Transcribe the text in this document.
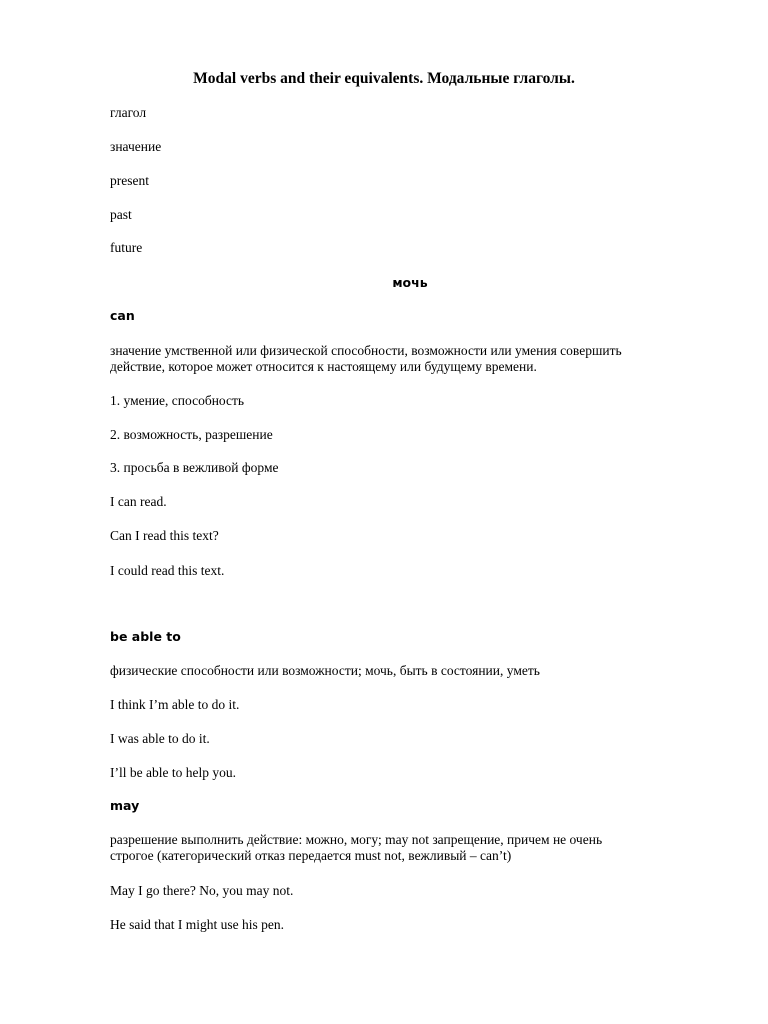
Modal verbs and their equivalents. Модальные глаголы.
глагол
значение
present
past
future
мочь
can
значение умственной или физической способности, возможности или умения совершить
действие, которое может относится к настоящему или будущему времени.
1. умение, способность
2. возможность, разрешение
3. просьба в вежливой форме
I can read.
Can I read this text?
I could read this text.
be able to
физические способности или возможности; мочь, быть в состоянии, уметь
I think I’m able to do it.
I was able to do it.
I’ll be able to help you.
may
разрешение выполнить действие: можно, могу; may not запрещение, причем не очень
строгое (категорический отказ передается must not, вежливый – can’t)
May I go there? No, you may not.
He said that I might use his pen.
